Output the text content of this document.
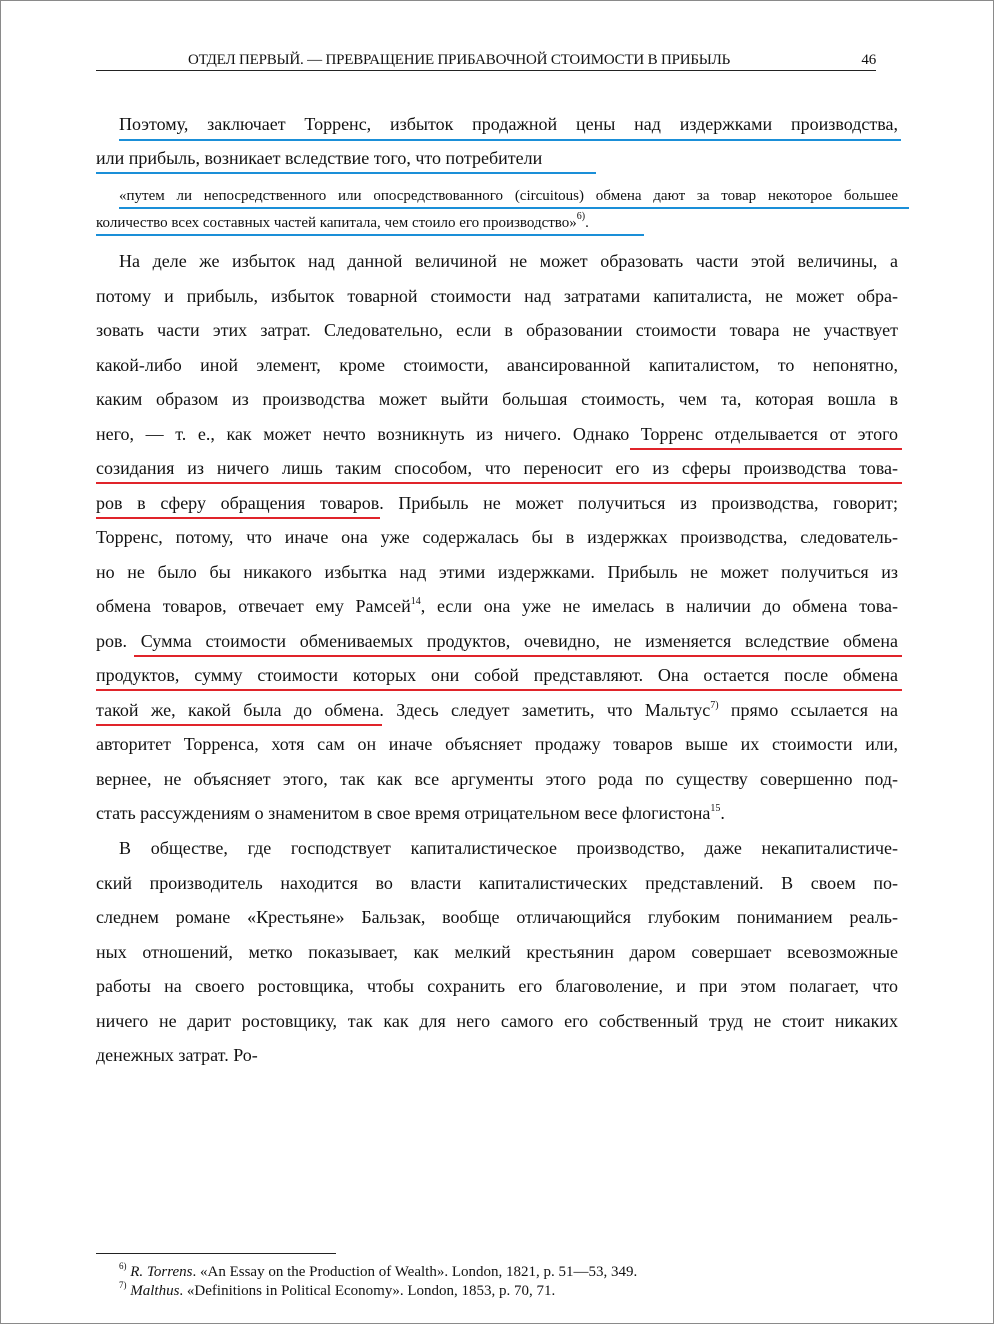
ОТДЕЛ ПЕРВЫЙ. — ПРЕВРАЩЕНИЕ ПРИБАВОЧНОЙ СТОИМОСТИ В ПРИБЫЛЬ	46
Поэтому, заключает Торренс, избыток продажной цены над издержками производства,
или прибыль, возникает вследствие того, что потребители
«путем ли непосредственного или опосредствованного (circuitous) обмена дают за товар некоторое большее
количество всех составных частей капитала, чем стоило его производство»$^{6)}$.
На деле же избыток над данной величиной не может образовать части этой величины, а
потому и прибыль, избыток товарной стоимости над затратами капиталиста, не может обра-
зовать части этих затрат. Следовательно, если в образовании стоимости товара не участвует
какой-либо иной элемент, кроме стоимости, авансированной капиталистом, то непонятно,
каким образом из производства может выйти большая стоимость, чем та, которая вошла в
него, — т. е., как может нечто возникнуть из ничего. Однако Торренс отделывается от этого
созидания из ничего лишь таким способом, что переносит его из сферы производства това-
ров в сферу обращения товаров. Прибыль не может получиться из производства, говорит;
Торренс, потому, что иначе она уже содержалась бы в издержках производства, следователь-
но не было бы никакого избытка над этими издержками. Прибыль не может получиться из
обмена товаров, отвечает ему Рамсей$^{14}$, если она уже не имелась в наличии до обмена това-
ров. Сумма стоимости обмениваемых продуктов, очевидно, не изменяется вследствие обмена
продуктов, сумму стоимости которых они собой представляют. Она остается после обмена
такой же, какой была до обмена. Здесь следует заметить, что Мальтус$^{7)}$ прямо ссылается на
авторитет Торренса, хотя сам он иначе объясняет продажу товаров выше их стоимости или,
вернее, не объясняет этого, так как все аргументы этого рода по существу совершенно под-
стать рассуждениям о знаменитом в свое время отрицательном весе флогистона$^{15}$.
В обществе, где господствует капиталистическое производство, даже некапиталистиче-
ский производитель находится во власти капиталистических представлений. В своем по-
следнем романе «Крестьяне» Бальзак, вообще отличающийся глубоким пониманием реаль-
ных отношений, метко показывает, как мелкий крестьянин даром совершает всевозможные
работы на своего ростовщика, чтобы сохранить его благоволение, и при этом полагает, что
ничего не дарит ростовщику, так как для него самого его собственный труд не стоит никаких
денежных затрат. Ро-
$^{6)}$ R. Torrens. «An Essay on the Production of Wealth». London, 1821, p. 51—53, 349.
$^{7)}$ Malthus. «Definitions in Political Economy». London, 1853, p. 70, 71.
